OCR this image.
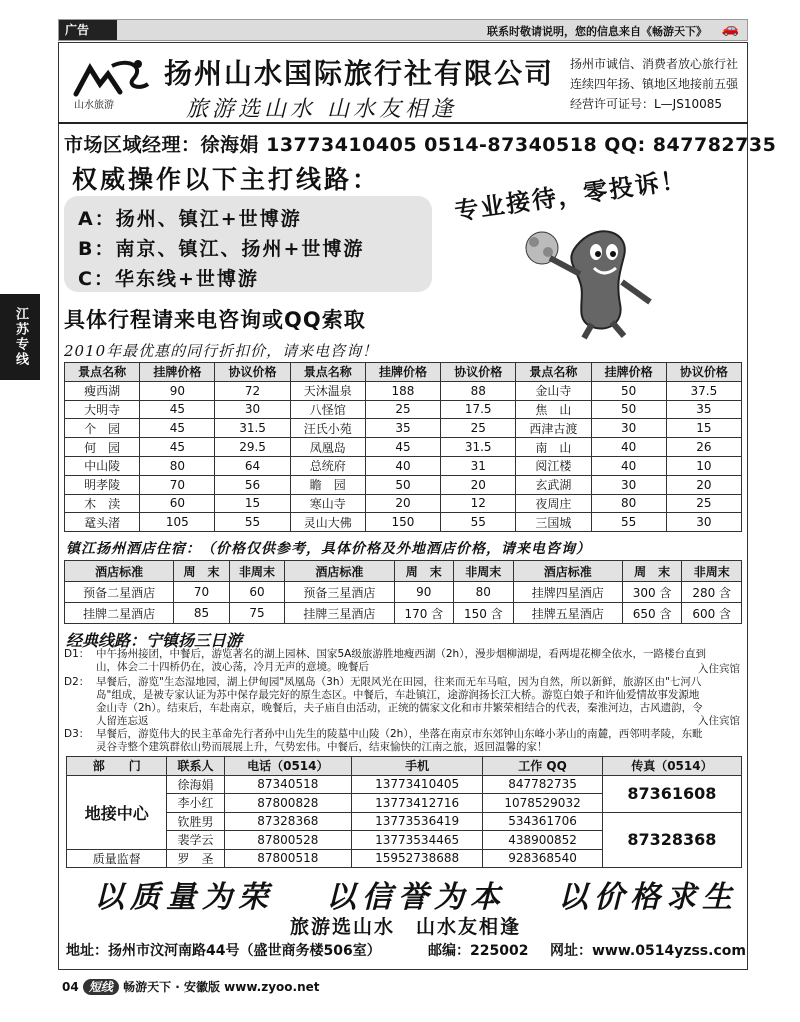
广告	联系时敬请说明，您的信息来自《畅游天下》 🚗
江苏专线
山水旅游
扬州山水国际旅行社有限公司
旅游选山水 山水友相逢
扬州市诚信、消费者放心旅行社
连续四年扬、镇地区地接前五强
经营许可证号：L—JS10085
市场区域经理：徐海娟 13773410405 0514-87340518 QQ: 847782735
权威操作以下主打线路：
A：扬州、镇江+世博游
B：南京、镇江、扬州+世博游
C：华东线+世博游
专业接待，零投诉！
具体行程请来电咨询或QQ索取
2010年最优惠的同行折扣价，请来电咨询！
景点名称	挂牌价格	协议价格	景点名称	挂牌价格	协议价格	景点名称	挂牌价格	协议价格
瘦西湖	90	72	天沐温泉	188	88	金山寺	50	37.5
大明寺	45	30	八怪馆	25	17.5	焦　山	50	35
个　园	45	31.5	汪氏小苑	35	25	西津古渡	30	15
何　园	45	29.5	凤凰岛	45	31.5	南　山	40	26
中山陵	80	64	总统府	40	31	阅江楼	40	10
明孝陵	70	56	瞻　园	50	20	玄武湖	30	20
木　渎	60	15	寒山寺	20	12	夜周庄	80	25
鼋头渚	105	55	灵山大佛	150	55	三国城	55	30
镇江扬州酒店住宿：（价格仅供参考，具体价格及外地酒店价格，请来电咨询）
酒店标准	周　末	非周末	酒店标准	周　末	非周末	酒店标准	周　末	非周末
预备二星酒店	70	60	预备三星酒店	90	80	挂牌四星酒店	300 含	280 含
挂牌二星酒店	85	75	挂牌三星酒店	170 含	150 含	挂牌五星酒店	650 含	600 含
经典线路：宁镇扬三日游
D1： 中午扬州接团，中餐后，游览著名的湖上园林、国家5A级旅游胜地瘦西湖（2h），漫步烟柳湖堤，看两堤花柳全依水，一路楼台直到山，体会二十四桥仍在，波心荡，冷月无声的意境。晚餐后	入住宾馆
D2： 早餐后，游览"生态湿地园，湖上伊甸园"凤凰岛（3h）无限风光在田园，往来而无车马喧，因为自然，所以新鲜，旅游区由"七河八岛"组成，是被专家认证为苏中保存最完好的原生态区。中餐后，车赴镇江，途游润扬长江大桥。游览白娘子和许仙爱情故事发源地金山寺（2h）。结束后，车赴南京，晚餐后，夫子庙自由活动，正统的儒家文化和市井繁荣相结合的代表，秦淮河边，古风遗韵，令人留连忘返	入住宾馆
D3： 早餐后，游览伟大的民主革命先行者孙中山先生的陵墓中山陵（2h），坐落在南京市东郊钟山东峰小茅山的南麓，西邻明孝陵，东毗灵谷寺整个建筑群依山势而展展上升，气势宏伟。中餐后，结束愉快的江南之旅，返回温馨的家！
部　　门	联系人	电话（0514）	手机	工作 QQ	传真（0514）
地接中心	徐海娟	87340518	13773410405	847782735	87361608
	李小红	87800828	13773412716	1078529032	
	钦胜男	87328368	13773536419	534361706	87328368
	裴学云	87800528	13773534465	438900852	
质量监督	罗　圣	87800518	15952738688	928368540	
以质量为荣 以信誉为本 以价格求生
旅游选山水　山水友相逢
地址：扬州市汶河南路44号（盛世商务楼506室）	邮编：225002 网址：www.0514yzss.com
04 短线 畅游天下 · 安徽版 www.zyoo.net
